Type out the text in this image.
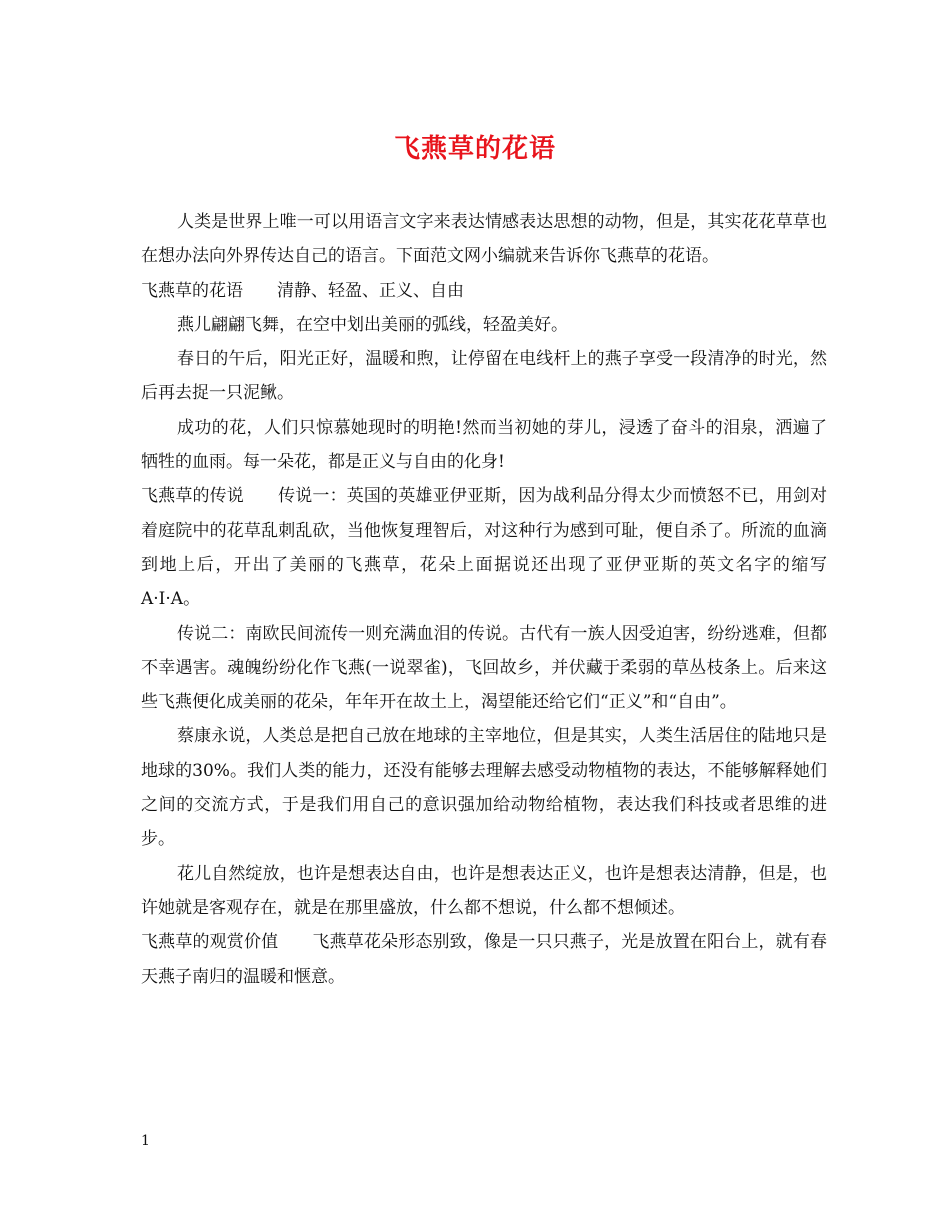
飞燕草的花语

人类是世界上唯一可以用语言文字来表达情感表达思想的动物，但是，其实花花草草也在想办法向外界传达自己的语言。下面范文网小编就来告诉你飞燕草的花语。

飞燕草的花语 清静、轻盈、正义、自由

燕儿翩翩飞舞，在空中划出美丽的弧线，轻盈美好。

春日的午后，阳光正好，温暖和煦，让停留在电线杆上的燕子享受一段清净的时光，然后再去捉一只泥鳅。

成功的花，人们只惊慕她现时的明艳!然而当初她的芽儿，浸透了奋斗的泪泉，洒遍了牺牲的血雨。每一朵花，都是正义与自由的化身!

飞燕草的传说 传说一：英国的英雄亚伊亚斯，因为战利品分得太少而愤怒不已，用剑对着庭院中的花草乱刺乱砍，当他恢复理智后，对这种行为感到可耻，便自杀了。所流的血滴到地上后，开出了美丽的飞燕草，花朵上面据说还出现了亚伊亚斯的英文名字的缩写A·I·A。

传说二：南欧民间流传一则充满血泪的传说。古代有一族人因受迫害，纷纷逃难，但都不幸遇害。魂魄纷纷化作飞燕(一说翠雀)，飞回故乡，并伏藏于柔弱的草丛枝条上。后来这些飞燕便化成美丽的花朵，年年开在故土上，渴望能还给它们“正义”和“自由”。

蔡康永说，人类总是把自己放在地球的主宰地位，但是其实，人类生活居住的陆地只是地球的30%。我们人类的能力，还没有能够去理解去感受动物植物的表达，不能够解释她们之间的交流方式，于是我们用自己的意识强加给动物给植物，表达我们科技或者思维的进步。

花儿自然绽放，也许是想表达自由，也许是想表达正义，也许是想表达清静，但是，也许她就是客观存在，就是在那里盛放，什么都不想说，什么都不想倾述。

飞燕草的观赏价值 飞燕草花朵形态别致，像是一只只燕子，光是放置在阳台上，就有春天燕子南归的温暖和惬意。

1
